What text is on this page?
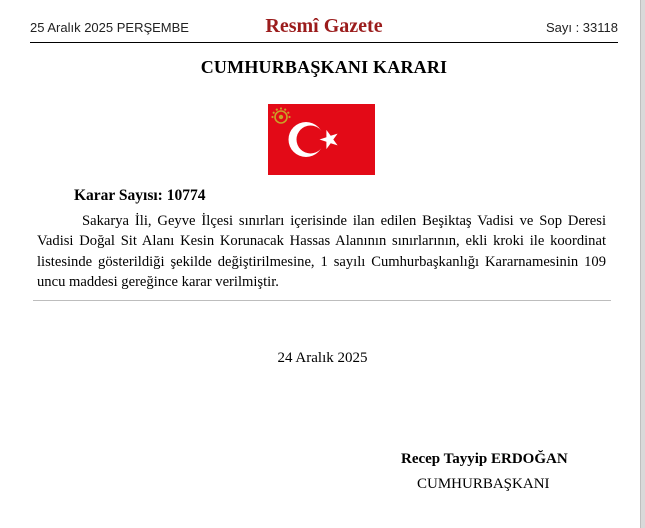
25 Aralık 2025 PERŞEMBE	Resmî Gazete	Sayı : 33118
CUMHURBAŞKANI KARARI
Karar Sayısı: 10774
Sakarya İli, Geyve İlçesi sınırları içerisinde ilan edilen Beşiktaş Vadisi ve Sop Deresi Vadisi Doğal Sit Alanı Kesin Korunacak Hassas Alanının sınırlarının, ekli kroki ile koordinat listesinde gösterildiği şekilde değiştirilmesine, 1 sayılı Cumhurbaşkanlığı Kararnamesinin 109 uncu maddesi gereğince karar verilmiştir.
24 Aralık 2025
Recep Tayyip ERDOĞAN
CUMHURBAŞKANI
